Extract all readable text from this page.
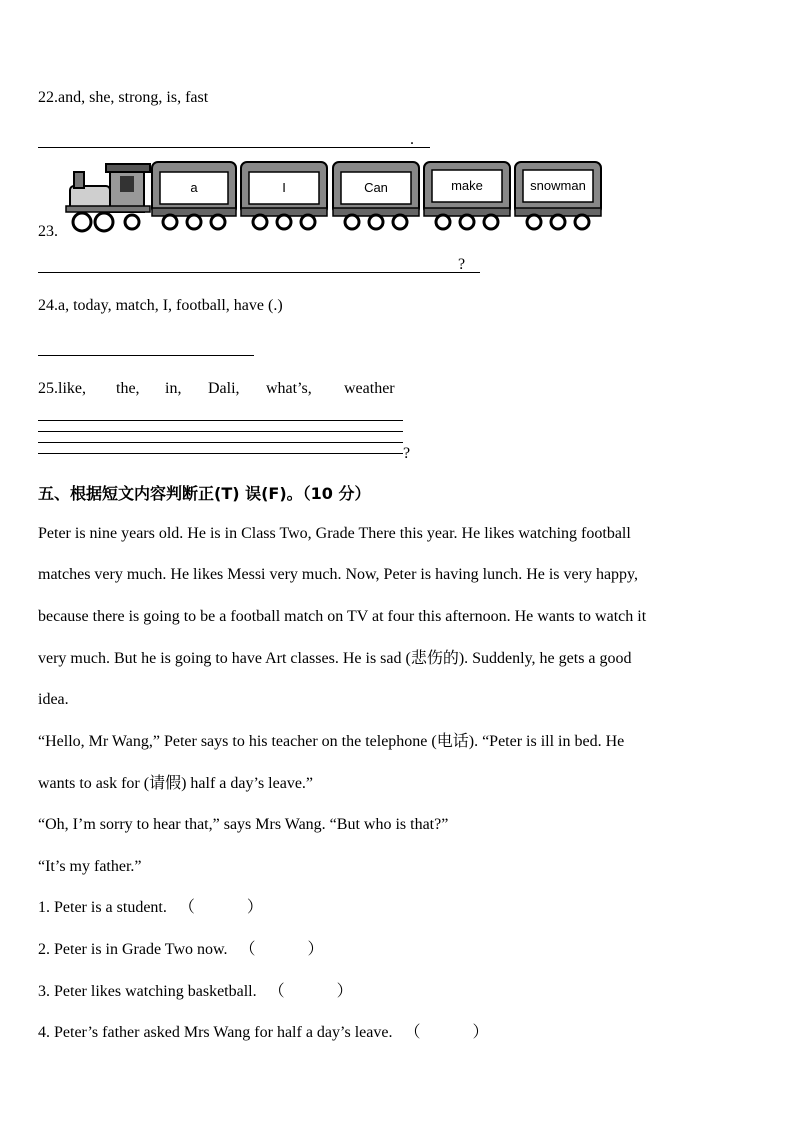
22.and, she, strong, is, fast
.
23.
a	I	Can	make	snowman
?
24.a, today, match, I, football, have (.)
25.like, the, in, Dali, what’s, weather
?
五、根据短文内容判断正(T) 误(F)。（10 分）
Peter is nine years old. He is in Class Two, Grade There this year. He likes watching football
matches very much. He likes Messi very much. Now, Peter is having lunch. He is very happy,
because there is going to be a football match on TV at four this afternoon. He wants to watch it
very much. But he is going to have Art classes. He is sad (悲伤的). Suddenly, he gets a good
idea.
“Hello, Mr Wang,” Peter says to his teacher on the telephone (电话). “Peter is ill in bed. He
wants to ask for (请假) half a day’s leave.”
“Oh, I’m sorry to hear that,” says Mrs Wang. “But who is that?”
“It’s my father.”
1. Peter is a student. （	）
2. Peter is in Grade Two now. （	）
3. Peter likes watching basketball. （	）
4. Peter’s father asked Mrs Wang for half a day’s leave. （	）
